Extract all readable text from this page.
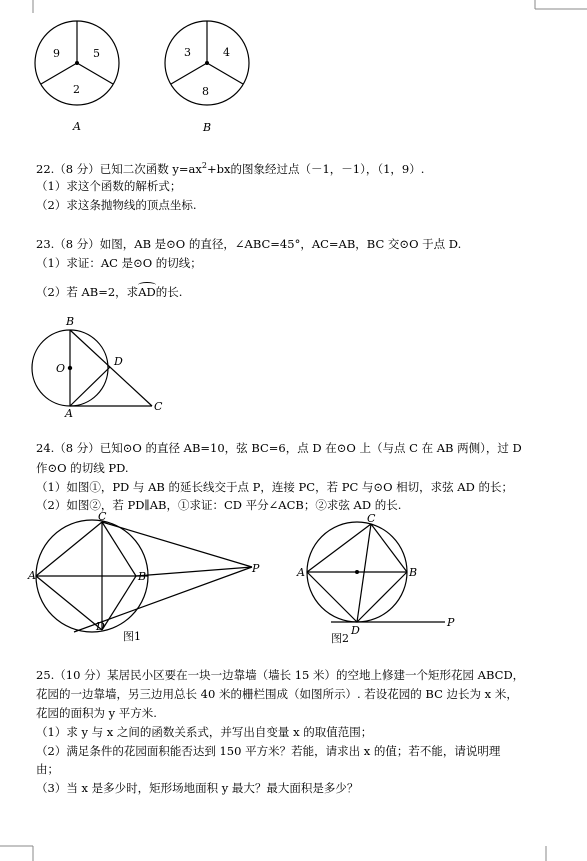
9	5
2
A
3	4
8
B
22.（8 分）已知二次函数 $y=ax^2+bx$的图象经过点（－1，－1），（1，9）.
（1）求这个函数的解析式；
（2）求这条抛物线的顶点坐标.
23.（8 分）如图，AB 是⊙O 的直径，∠ABC=45°，AC=AB，BC 交⊙O 于点 D.
（1）求证：AC 是⊙O 的切线；
（2）若 AB=2，求AD的长.
B
O
D
A
C
24.（8 分）已知⊙O 的直径 AB=10，弦 BC=6，点 D 在⊙O 上（与点 C 在 AB 两侧），过 D
作⊙O 的切线 PD.
（1）如图①，PD 与 AB 的延长线交于点 P，连接 PC，若 PC 与⊙O 相切，求弦 AD 的长；
（2）如图②，若 PD∥AB，①求证：CD 平分∠ACB；②求弦 AD 的长.
A
C
B
D
P
图1
A
C
B
D
P
图2
25.（10 分）某居民小区要在一块一边靠墙（墙长 15 米）的空地上修建一个矩形花园 ABCD，
花园的一边靠墙，另三边用总长 40 米的栅栏围成（如图所示）. 若设花园的 BC 边长为 x 米，
花园的面积为 y 平方米.
（1）求 y 与 x 之间的函数关系式，并写出自变量 x 的取值范围；
（2）满足条件的花园面积能否达到 150 平方米？若能，请求出 x 的值；若不能，请说明理
由；
（3）当 x 是多少时，矩形场地面积 y 最大？最大面积是多少？
